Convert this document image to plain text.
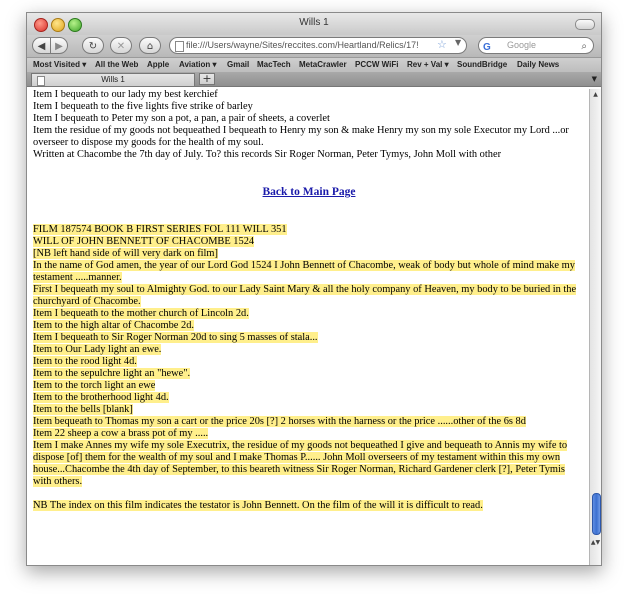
Wills 1
◀ ▶	↻	✕	⌂	file:///Users/wayne/Sites/reccites.com/Heartland/Relics/17!	☆ ▼ G Google	⌕
Most Visited ▾ All the Web Apple Aviation ▾ Gmail MacTech MetaCrawler PCCW WiFi Rev + Val ▾ SoundBridge Daily News
Wills 1	+	▼
Item I bequeath to our lady my best kerchief
Item I bequeath to the five lights five strike of barley
Item I bequeath to Peter my son a pot, a pan, a pair of sheets, a coverlet
Item the residue of my goods not bequeathed I bequeath to Henry my son & make Henry my son my sole Executor my Lord ...or overseer to dispose my goods for the health of my soul.
Written at Chacombe the 7th day of July. To? this records Sir Roger Norman, Peter Tymys, John Moll with other
Back to Main Page
FILM 187574 BOOK B FIRST SERIES FOL 111 WILL 351
WILL OF JOHN BENNETT OF CHACOMBE 1524
[NB left hand side of will very dark on film]
In the name of God amen, the year of our Lord God 1524 I John Bennett of Chacombe, weak of body but whole of mind make my testament .....manner.
First I bequeath my soul to Almighty God. to our Lady Saint Mary & all the holy company of Heaven, my body to be buried in the churchyard of Chacombe.
Item I bequeath to the mother church of Lincoln 2d.
Item to the high altar of Chacombe 2d.
Item I bequeath to Sir Roger Norman 20d to sing 5 masses of stala...
Item to Our Lady light an ewe.
Item to the rood light 4d.
Item to the sepulchre light an "hewe".
Item to the torch light an ewe
Item to the brotherhood light 4d.
Item to the bells [blank]
Item bequeath to Thomas my son a cart or the price 20s [?] 2 horses with the harness or the price ......other of the 6s 8d
Item 22 sheep a cow a brass pot of my .....
Item I make Annes my wife my sole Executrix, the residue of my goods not bequeathed I give and bequeath to Annis my wife to dispose [of] them for the wealth of my soul and I make Thomas P...... John Moll overseers of my testament within this my own house...Chacombe the 4th day of September, to this beareth witness Sir Roger Norman, Richard Gardener clerk [?], Peter Tymis with others.
NB The index on this film indicates the testator is John Bennett. On the film of the will it is difficult to read.
▲
▲▼
